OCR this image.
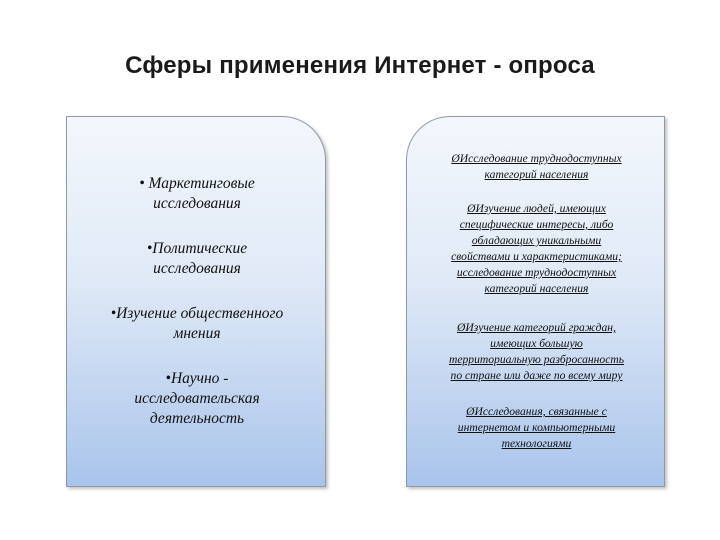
Сферы применения Интернет - опроса
• Маркетинговые
исследования
•Политические
исследования
•Изучение общественного
мнения
•Научно -
исследовательская
деятельность
ØИсследование труднодоступных
категорий населения
ØИзучение людей, имеющих
специфические интересы, либо
обладающих уникальными
свойствами и характеристиками;
исследование труднодоступных
категорий населения
ØИзучение категорий граждан,
имеющих большую
территориальную разбросанность
по стране или даже по всему миру
ØИсследования, связанные с
интернетом и компьютерными
технологиями
